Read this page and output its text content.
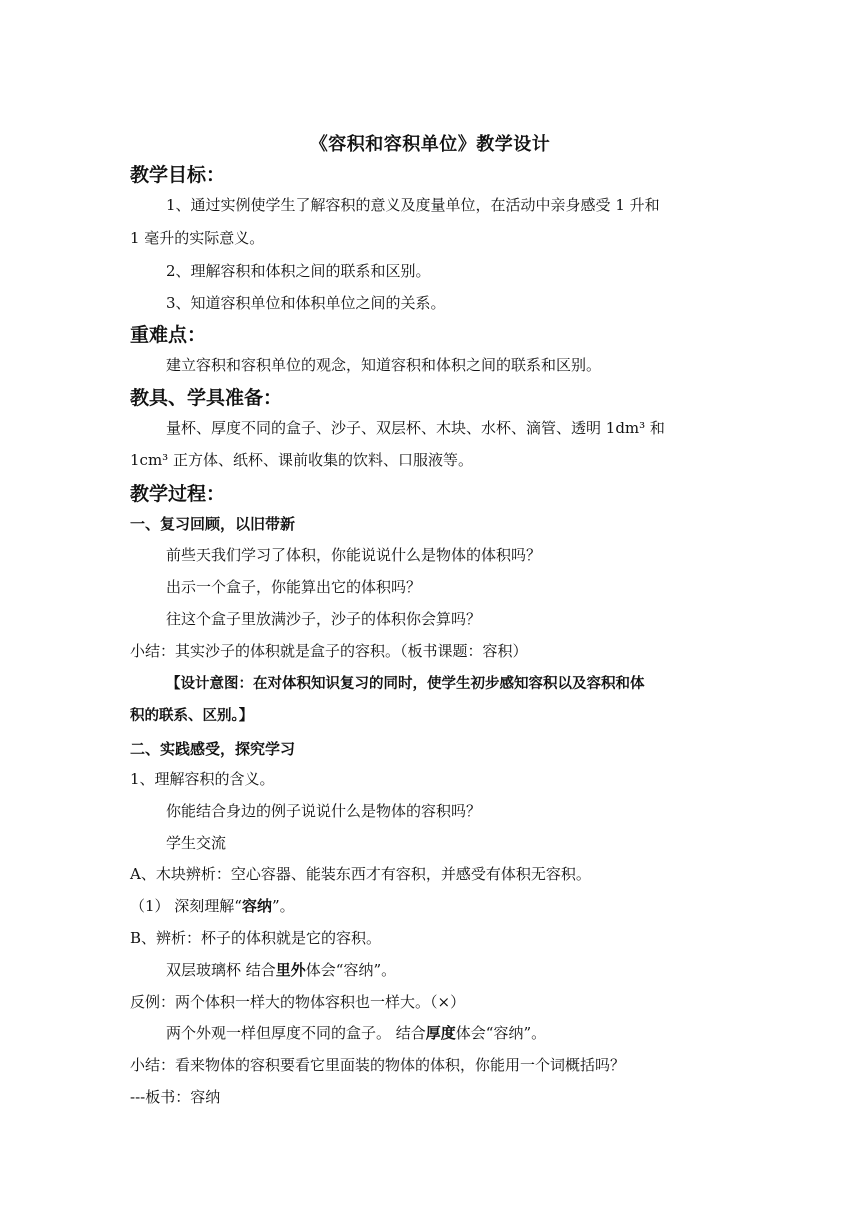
《容积和容积单位》教学设计
教学目标：
1、通过实例使学生了解容积的意义及度量单位，在活动中亲身感受 1 升和
1 毫升的实际意义。
2、理解容积和体积之间的联系和区别。
3、知道容积单位和体积单位之间的关系。
重难点：
建立容积和容积单位的观念，知道容积和体积之间的联系和区别。
教具、学具准备：
量杯、厚度不同的盒子、沙子、双层杯、木块、水杯、滴管、透明 1dm³ 和
1cm³ 正方体、纸杯、课前收集的饮料、口服液等。
教学过程：
一、复习回顾，以旧带新
前些天我们学习了体积，你能说说什么是物体的体积吗？
出示一个盒子，你能算出它的体积吗？
往这个盒子里放满沙子，沙子的体积你会算吗？
小结：其实沙子的体积就是盒子的容积。（板书课题：容积）
【设计意图：在对体积知识复习的同时，使学生初步感知容积以及容积和体
积的联系、区别。】
二、实践感受，探究学习
1、理解容积的含义。
你能结合身边的例子说说什么是物体的容积吗？
学生交流
A、木块辨析：空心容器、能装东西才有容积，并感受有体积无容积。
（1） 深刻理解“容纳”。
B、辨析：杯子的体积就是它的容积。
双层玻璃杯 结合里外体会“容纳”。
反例：两个体积一样大的物体容积也一样大。（×）
两个外观一样但厚度不同的盒子。 结合厚度体会“容纳”。
小结：看来物体的容积要看它里面装的物体的体积，你能用一个词概括吗？
---板书：容纳
